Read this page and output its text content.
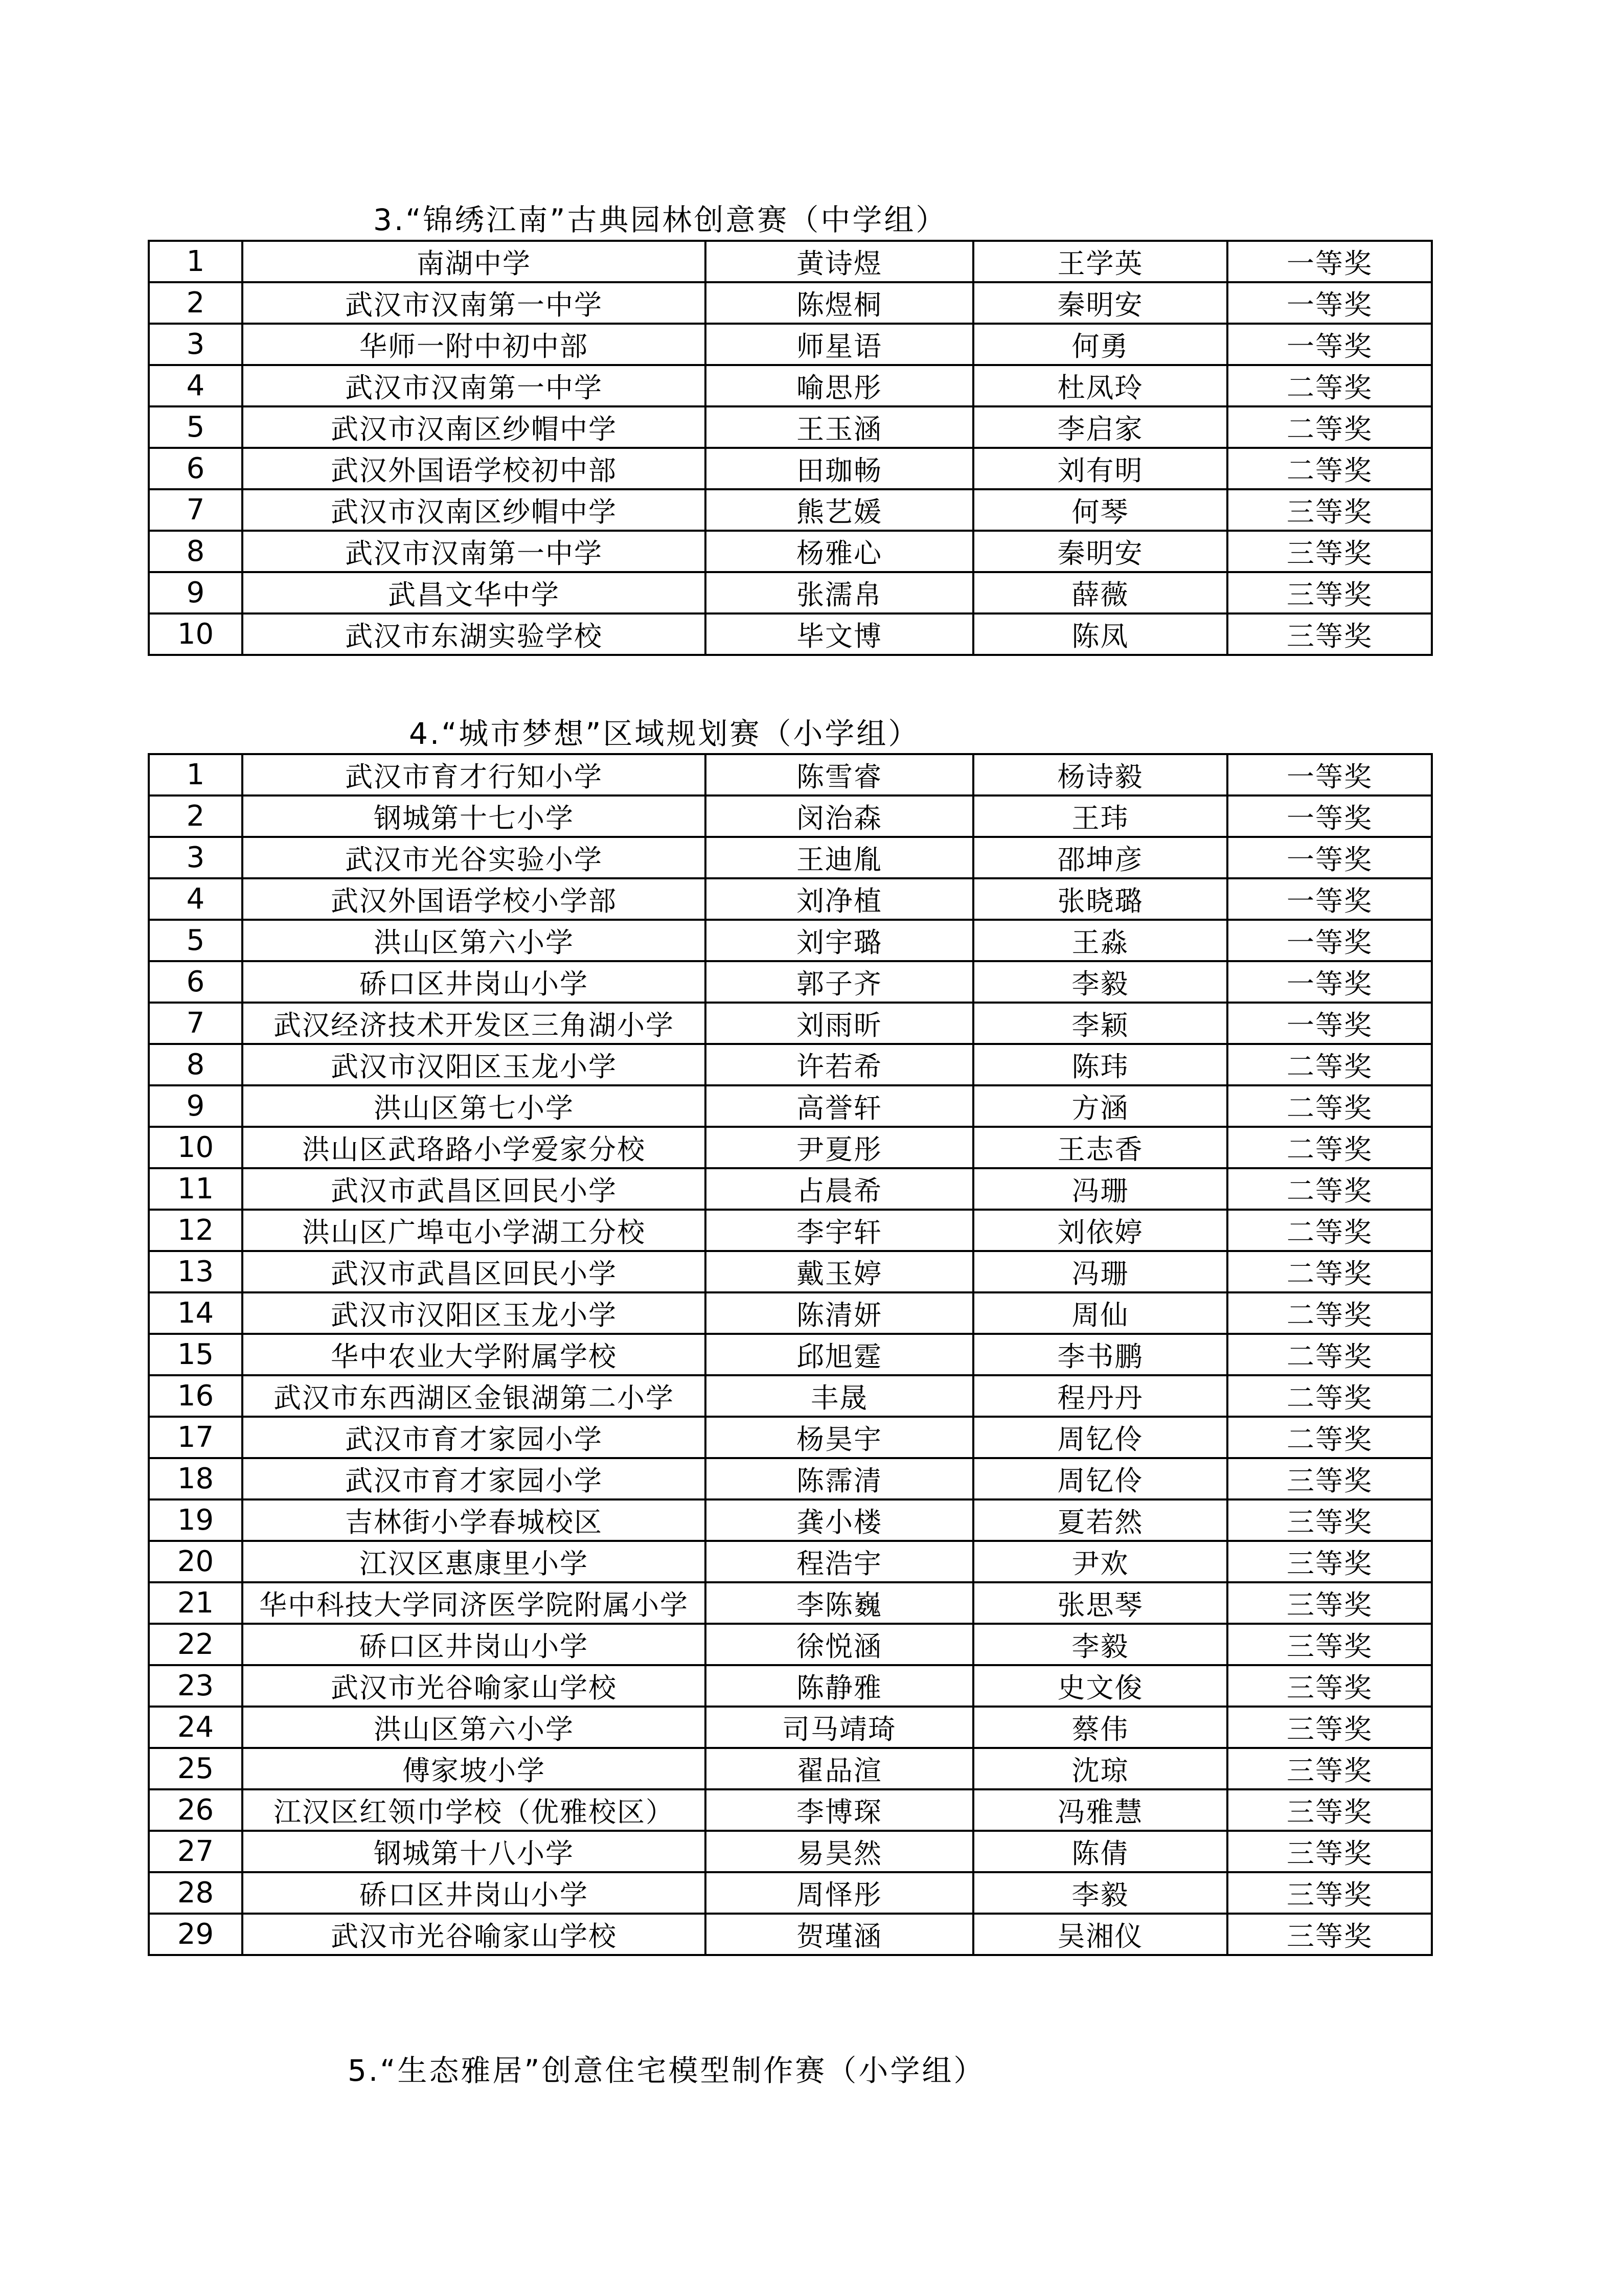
3.“锦绣江南”古典园林创意赛（中学组）
1	南湖中学	黄诗煜	王学英	一等奖
2	武汉市汉南第一中学	陈煜桐	秦明安	一等奖
3	华师一附中初中部	师星语	何勇	一等奖
4	武汉市汉南第一中学	喻思彤	杜凤玲	二等奖
5	武汉市汉南区纱帽中学	王玉涵	李启家	二等奖
6	武汉外国语学校初中部	田珈畅	刘有明	二等奖
7	武汉市汉南区纱帽中学	熊艺媛	何琴	三等奖
8	武汉市汉南第一中学	杨雅心	秦明安	三等奖
9	武昌文华中学	张濡帛	薛薇	三等奖
10	武汉市东湖实验学校	毕文博	陈凤	三等奖
4.“城市梦想”区域规划赛（小学组）
1	武汉市育才行知小学	陈雪睿	杨诗毅	一等奖
2	钢城第十七小学	闵治森	王玮	一等奖
3	武汉市光谷实验小学	王迪胤	邵坤彦	一等奖
4	武汉外国语学校小学部	刘净植	张晓璐	一等奖
5	洪山区第六小学	刘宇璐	王淼	一等奖
6	硚口区井岗山小学	郭子齐	李毅	一等奖
7	武汉经济技术开发区三角湖小学	刘雨昕	李颖	一等奖
8	武汉市汉阳区玉龙小学	许若希	陈玮	二等奖
9	洪山区第七小学	高誉轩	方涵	二等奖
10	洪山区武珞路小学爱家分校	尹夏彤	王志香	二等奖
11	武汉市武昌区回民小学	占晨希	冯珊	二等奖
12	洪山区广埠屯小学湖工分校	李宇轩	刘依婷	二等奖
13	武汉市武昌区回民小学	戴玉婷	冯珊	二等奖
14	武汉市汉阳区玉龙小学	陈清妍	周仙	二等奖
15	华中农业大学附属学校	邱旭霆	李书鹏	二等奖
16	武汉市东西湖区金银湖第二小学	丰晟	程丹丹	二等奖
17	武汉市育才家园小学	杨昊宇	周钇伶	二等奖
18	武汉市育才家园小学	陈霈清	周钇伶	三等奖
19	吉林街小学春城校区	龚小楼	夏若然	三等奖
20	江汉区惠康里小学	程浩宇	尹欢	三等奖
21	华中科技大学同济医学院附属小学	李陈巍	张思琴	三等奖
22	硚口区井岗山小学	徐悦涵	李毅	三等奖
23	武汉市光谷喻家山学校	陈静雅	史文俊	三等奖
24	洪山区第六小学	司马靖琦	蔡伟	三等奖
25	傅家坡小学	翟品渲	沈琼	三等奖
26	江汉区红领巾学校（优雅校区）	李博琛	冯雅慧	三等奖
27	钢城第十八小学	易昊然	陈倩	三等奖
28	硚口区井岗山小学	周怿彤	李毅	三等奖
29	武汉市光谷喻家山学校	贺瑾涵	吴湘仪	三等奖
5.“生态雅居”创意住宅模型制作赛（小学组）
